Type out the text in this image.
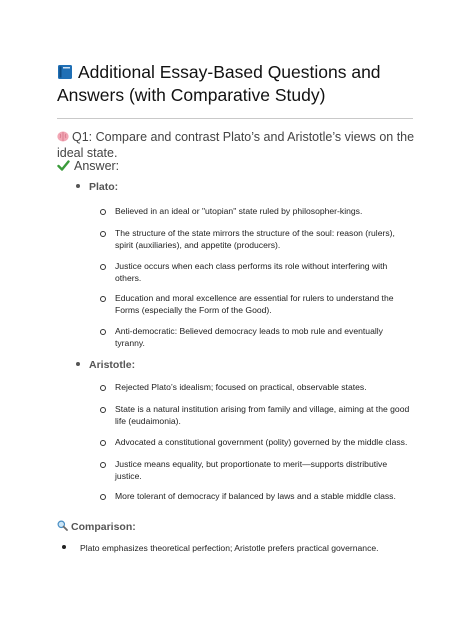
Additional Essay-Based Questions and Answers (with Comparative Study)
Q1: Compare and contrast Plato’s and Aristotle’s views on the ideal state.
Answer:
Plato:
Believed in an ideal or "utopian" state ruled by philosopher-kings.
The structure of the state mirrors the structure of the soul: reason (rulers), spirit (auxiliaries), and appetite (producers).
Justice occurs when each class performs its role without interfering with others.
Education and moral excellence are essential for rulers to understand the Forms (especially the Form of the Good).
Anti-democratic: Believed democracy leads to mob rule and eventually tyranny.
Aristotle:
Rejected Plato’s idealism; focused on practical, observable states.
State is a natural institution arising from family and village, aiming at the good life (eudaimonia).
Advocated a constitutional government (polity) governed by the middle class.
Justice means equality, but proportionate to merit—supports distributive justice.
More tolerant of democracy if balanced by laws and a stable middle class.
Comparison:
Plato emphasizes theoretical perfection; Aristotle prefers practical governance.
